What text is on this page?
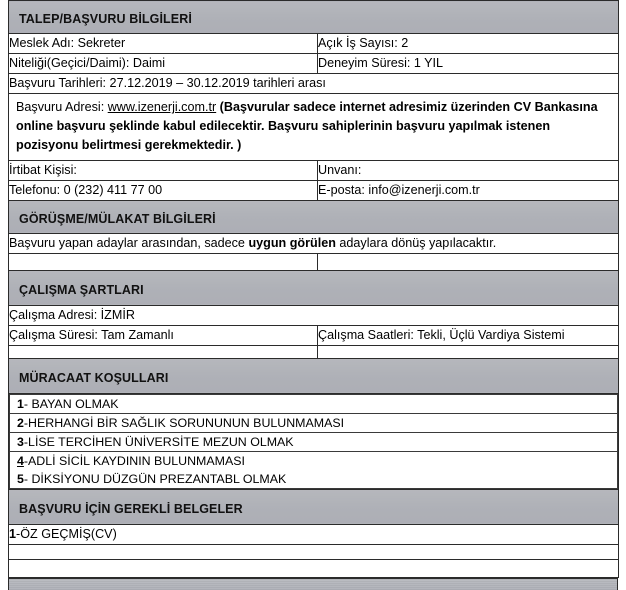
TALEP/BAŞVURU BİLGİLERİ

Meslek Adı: Sekreter	Açık İş Sayısı: 2
Niteliği(Geçici/Daimi): Daimi	Deneyim Süresi: 1 YIL
Başvuru Tarihleri: 27.12.2019 – 30.12.2019 tarihleri arası
Başvuru Adresi: www.izenerji.com.tr (Başvurular sadece internet adresimiz üzerinden CV Bankasına online başvuru şeklinde kabul edilecektir. Başvuru sahiplerinin başvuru yapılmak istenen pozisyonu belirtmesi gerekmektedir. )
İrtibat Kişisi:	Unvanı:
Telefonu: 0 (232) 411 77 00	E-posta: info@izenerji.com.tr

GÖRÜŞME/MÜLAKAT BİLGİLERİ

Başvuru yapan adaylar arasından, sadece uygun görülen adaylara dönüş yapılacaktır.

ÇALIŞMA ŞARTLARI

Çalışma Adresi: İZMİR
Çalışma Süresi: Tam Zamanlı	Çalışma Saatleri: Tekli, Üçlü Vardiya Sistemi

MÜRACAAT KOŞULLARI

1- BAYAN OLMAK
2-HERHANGİ BİR SAĞLIK SORUNUNUN BULUNMAMASI
3-LİSE TERCİHEN ÜNİVERSİTE MEZUN OLMAK
4-ADLİ SİCİL KAYDININ BULUNMAMASI
5- DİKSİYONU DÜZGÜN PREZANTABL OLMAK

BAŞVURU İÇİN GEREKLİ BELGELER

1-ÖZ GEÇMİŞ(CV)
